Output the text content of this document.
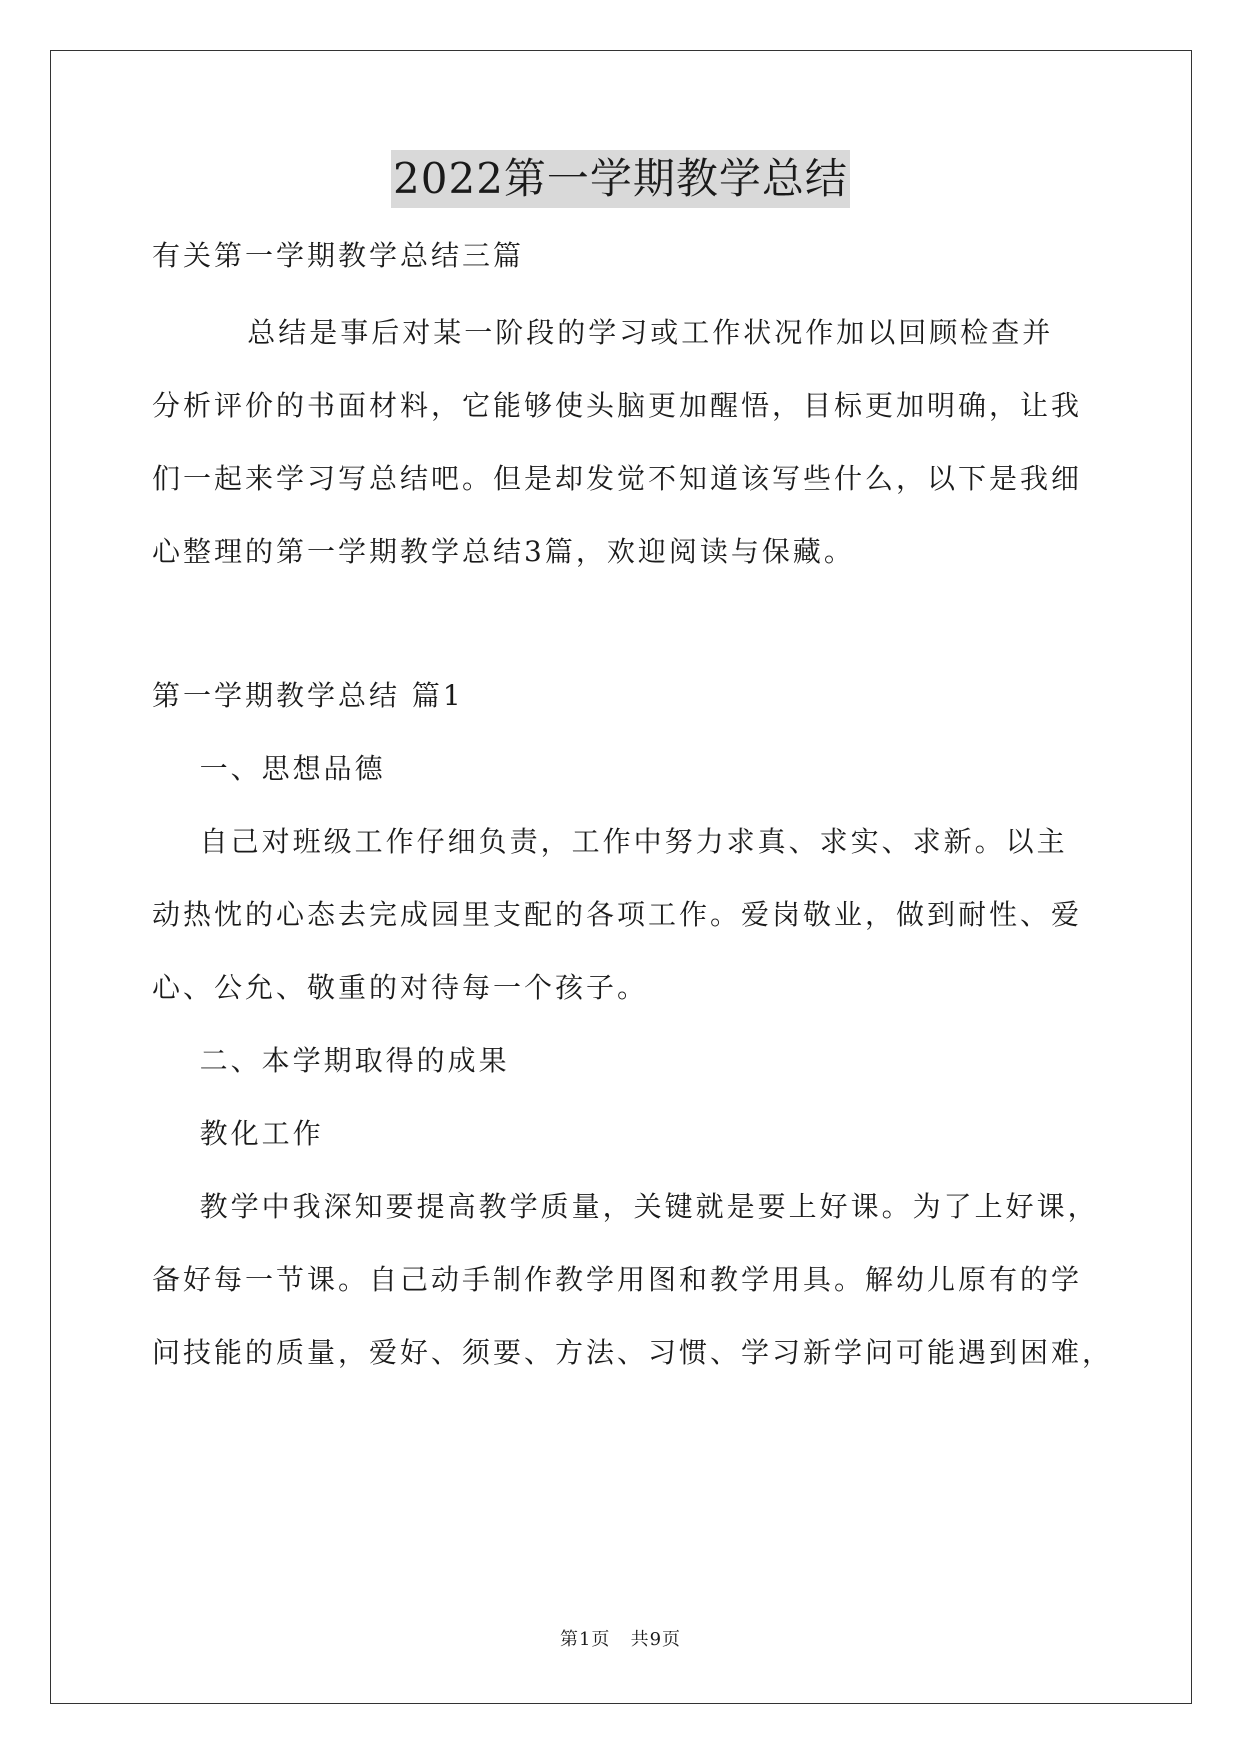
2022第一学期教学总结

有关第一学期教学总结三篇

总结是事后对某一阶段的学习或工作状况作加以回顾检查并

分析评价的书面材料，它能够使头脑更加醒悟，目标更加明确，让我

们一起来学习写总结吧。但是却发觉不知道该写些什么，以下是我细

心整理的第一学期教学总结3篇，欢迎阅读与保藏。

第一学期教学总结 篇1

一、思想品德

自己对班级工作仔细负责，工作中努力求真、求实、求新。以主

动热忱的心态去完成园里支配的各项工作。爱岗敬业，做到耐性、爱

心、公允、敬重的对待每一个孩子。

二、本学期取得的成果

教化工作

教学中我深知要提高教学质量，关键就是要上好课。为了上好课，

备好每一节课。自己动手制作教学用图和教学用具。解幼儿原有的学

问技能的质量，爱好、须要、方法、习惯、学习新学问可能遇到困难，

第1页   共9页
